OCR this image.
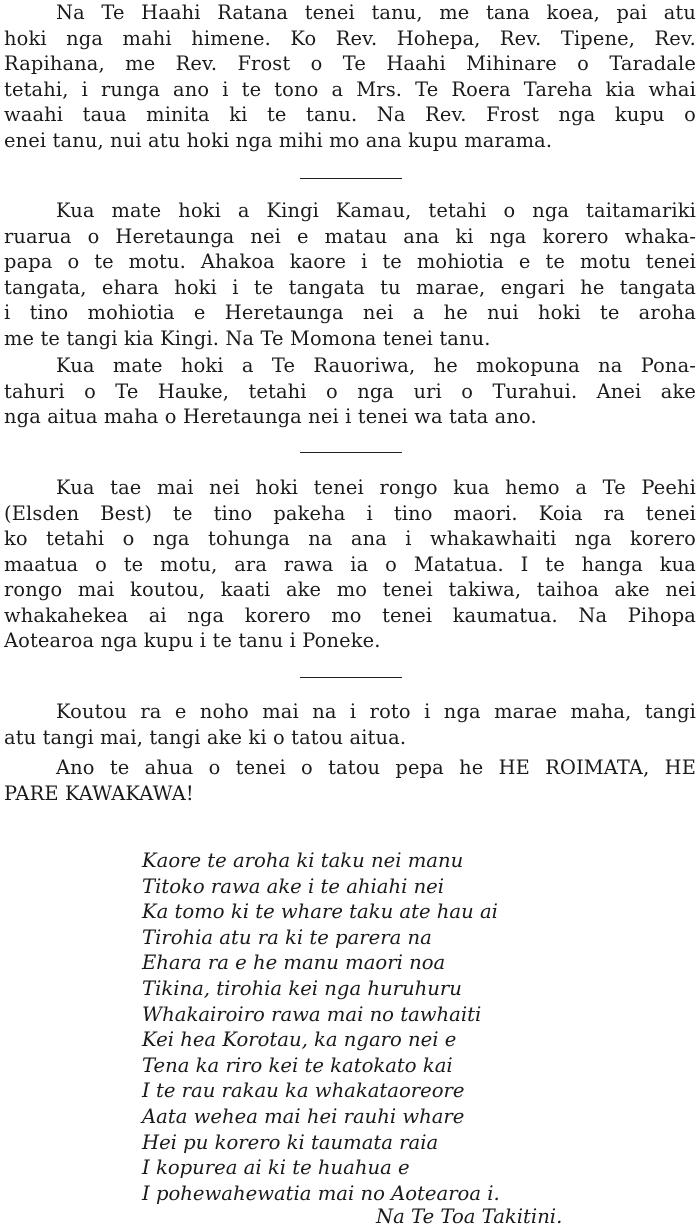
Na Te Haahi Ratana tenei tanu, me tana koea, pai atu
hoki nga mahi himene. Ko Rev. Hohepa, Rev. Tipene, Rev.
Rapihana, me Rev. Frost o Te Haahi Mihinare o Taradale
tetahi, i runga ano i te tono a Mrs. Te Roera Tareha kia whai
waahi taua minita ki te tanu. Na Rev. Frost nga kupu o
enei tanu, nui atu hoki nga mihi mo ana kupu marama.
Kua mate hoki a Kingi Kamau, tetahi o nga taitamariki
ruarua o Heretaunga nei e matau ana ki nga korero whaka-
papa o te motu. Ahakoa kaore i te mohiotia e te motu tenei
tangata, ehara hoki i te tangata tu marae, engari he tangata
i tino mohiotia e Heretaunga nei a he nui hoki te aroha
me te tangi kia Kingi. Na Te Momona tenei tanu.
Kua mate hoki a Te Rauoriwa, he mokopuna na Pona-
tahuri o Te Hauke, tetahi o nga uri o Turahui. Anei ake
nga aitua maha o Heretaunga nei i tenei wa tata ano.
Kua tae mai nei hoki tenei rongo kua hemo a Te Peehi
(Elsden Best) te tino pakeha i tino maori. Koia ra tenei
ko tetahi o nga tohunga na ana i whakawhaiti nga korero
maatua o te motu, ara rawa ia o Matatua. I te hanga kua
rongo mai koutou, kaati ake mo tenei takiwa, taihoa ake nei
whakahekea ai nga korero mo tenei kaumatua. Na Pihopa
Aotearoa nga kupu i te tanu i Poneke.
Koutou ra e noho mai na i roto i nga marae maha, tangi
atu tangi mai, tangi ake ki o tatou aitua.
Ano te ahua o tenei o tatou pepa he HE ROIMATA, HE
PARE KAWAKAWA!
Kaore te aroha ki taku nei manu
Titoko rawa ake i te ahiahi nei
Ka tomo ki te whare taku ate hau ai
Tirohia atu ra ki te parera na
Ehara ra e he manu maori noa
Tikina, tirohia kei nga huruhuru
Whakairoiro rawa mai no tawhaiti
Kei hea Korotau, ka ngaro nei e
Tena ka riro kei te katokato kai
I te rau rakau ka whakataoreore
Aata wehea mai hei rauhi whare
Hei pu korero ki taumata raia
I kopurea ai ki te huahua e
I pohewahewatia mai no Aotearoa i.

Na Te Toa Takitini.
